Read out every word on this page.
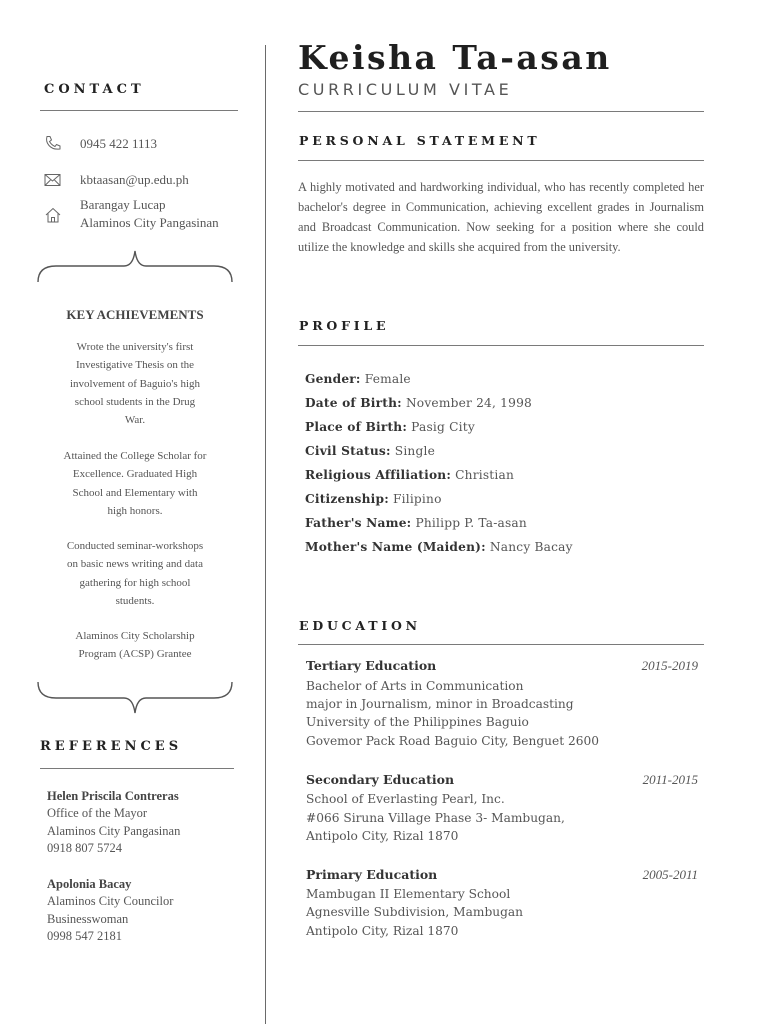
CONTACT
0945 422 1113
kbtaasan@up.edu.ph
Barangay Lucap
Alaminos City Pangasinan
KEY ACHIEVEMENTS
Wrote the university's first
Investigative Thesis on the
involvement of Baguio's high
school students in the Drug
War.
Attained the College Scholar for
Excellence. Graduated High
School and Elementary with
high honors.
Conducted seminar-workshops
on basic news writing and data
gathering for high school
students.
Alaminos City Scholarship
Program (ACSP) Grantee
REFERENCES
Helen Priscila Contreras
Office of the Mayor
Alaminos City Pangasinan
0918 807 5724
Apolonia Bacay
Alaminos City Councilor
Businesswoman
0998 547 2181
Keisha Ta-asan
CURRICULUM VITAE
PERSONAL STATEMENT
A highly motivated and hardworking individual, who has recently completed her bachelor's degree in Communication, achieving excellent grades in Journalism and Broadcast Communication. Now seeking for a position where she could utilize the knowledge and skills she acquired from the university.
PROFILE
Gender: Female
Date of Birth: November 24, 1998
Place of Birth: Pasig City
Civil Status: Single
Religious Affiliation: Christian
Citizenship: Filipino
Father's Name: Philipp P. Ta-asan
Mother's Name (Maiden): Nancy Bacay
EDUCATION
Tertiary Education	2015-2019
Bachelor of Arts in Communication
major in Journalism, minor in Broadcasting
University of the Philippines Baguio
Govemor Pack Road Baguio City, Benguet 2600
Secondary Education	2011-2015
School of Everlasting Pearl, Inc.
#066 Siruna Village Phase 3- Mambugan,
Antipolo City, Rizal 1870
Primary Education	2005-2011
Mambugan II Elementary School
Agnesville Subdivision, Mambugan
Antipolo City, Rizal 1870
